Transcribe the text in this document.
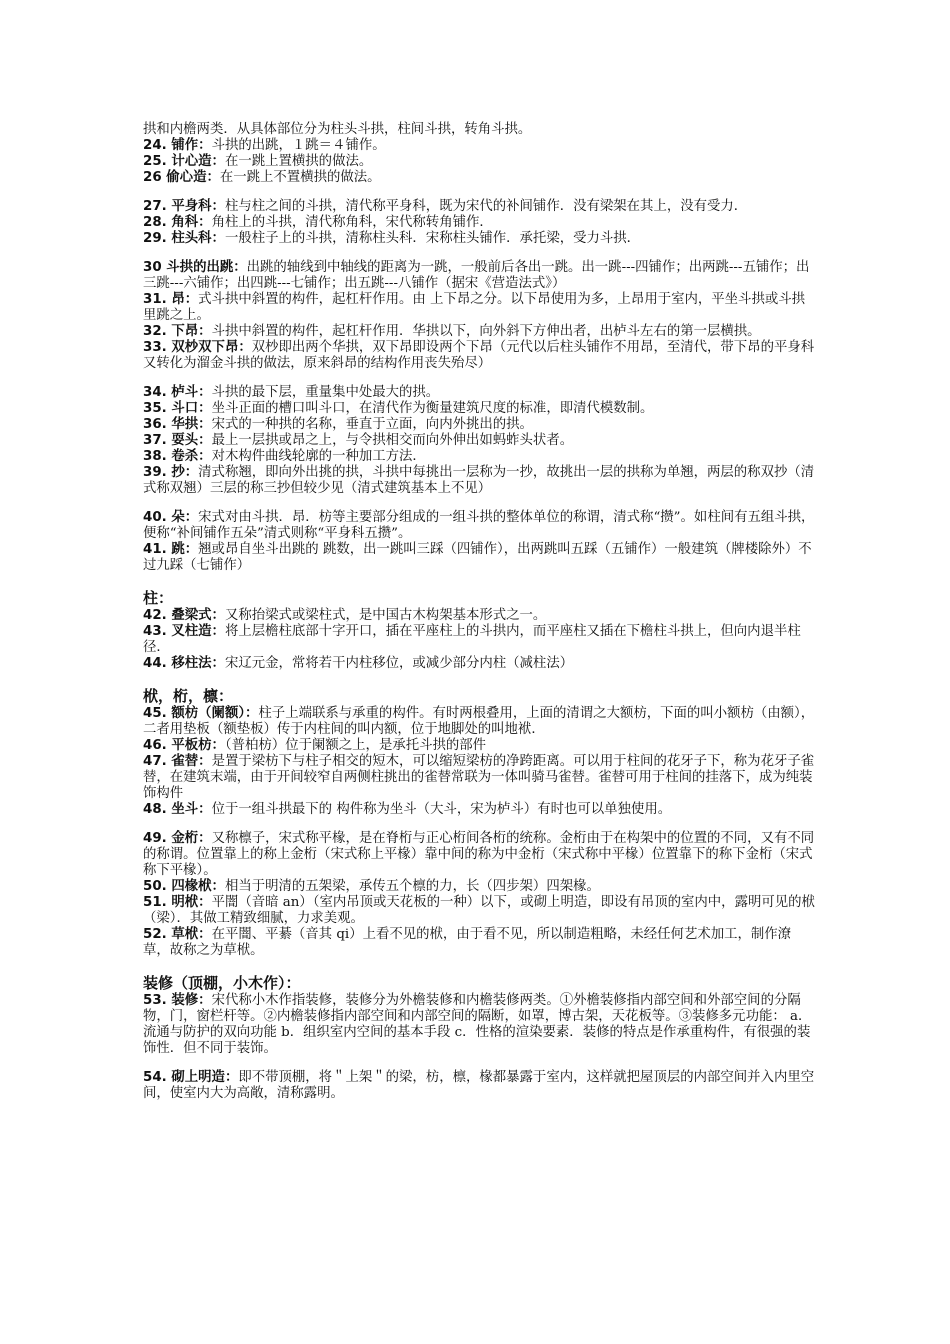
拱和内檐两类．从具体部位分为柱头斗拱，柱间斗拱，转角斗拱。

24. 铺作：斗拱的出跳，１跳＝４铺作。

25. 计心造：在一跳上置横拱的做法。

26 偷心造：在一跳上不置横拱的做法。

27. 平身科：柱与柱之间的斗拱，清代称平身科，既为宋代的补间铺作．没有梁架在其上，没有受力．

28. 角科：角柱上的斗拱，清代称角科，宋代称转角铺作．

29. 柱头科：一般柱子上的斗拱，清称柱头科．宋称柱头铺作．承托梁，受力斗拱．

30 斗拱的出跳：出跳的轴线到中轴线的距离为一跳，一般前后各出一跳。出一跳---四铺作；出两跳---五铺作；出三跳---六铺作；出四跳---七铺作；出五跳---八铺作（据宋《营造法式》）

31. 昂：式斗拱中斜置的构件，起杠杆作用。由 上下昂之分。以下昂使用为多，上昂用于室内，平坐斗拱或斗拱里跳之上。

32. 下昂：斗拱中斜置的构件，起杠杆作用．华拱以下，向外斜下方伸出者，出栌斗左右的第一层横拱。

33. 双杪双下昂：双杪即出两个华拱，双下昂即设两个下昂（元代以后柱头铺作不用昂，至清代，带下昂的平身科又转化为溜金斗拱的做法，原来斜昂的结构作用丧失殆尽）

34. 栌斗：斗拱的最下层，重量集中处最大的拱。

35. 斗口：坐斗正面的槽口叫斗口，在清代作为衡量建筑尺度的标准，即清代模数制。

36. 华拱：宋式的一种拱的名称，垂直于立面，向内外挑出的拱。

37. 耍头：最上一层拱或昂之上，与令拱相交而向外伸出如蚂蚱头状者。

38. 卷杀：对木构件曲线轮廓的一种加工方法．

39. 抄：清式称翘，即向外出挑的拱，斗拱中每挑出一层称为一抄，故挑出一层的拱称为单翘，两层的称双抄（清式称双翘）三层的称三抄但较少见（清式建筑基本上不见）

40. 朵：宋式对由斗拱．昂．枋等主要部分组成的一组斗拱的整体单位的称谓，清式称“攒”。如柱间有五组斗拱，便称“补间铺作五朵”清式则称“平身科五攒”。

41. 跳：翘或昂自坐斗出跳的 跳数，出一跳叫三踩（四铺作），出两跳叫五踩（五铺作）一般建筑（牌楼除外）不过九踩（七铺作）

柱：

42. 叠梁式：又称抬梁式或梁柱式，是中国古木构架基本形式之一。

43. 叉柱造：将上层檐柱底部十字开口，插在平座柱上的斗拱内，而平座柱又插在下檐柱斗拱上，但向内退半柱径．

44. 移柱法：宋辽元金，常将若干内柱移位，或减少部分内柱（减柱法）

栿，桁，檩：

45. 额枋（阑额）：柱子上端联系与承重的构件。有时两根叠用，上面的清谓之大额枋，下面的叫小额枋（由额），二者用垫板（额垫板）传于内柱间的叫内额，位于地脚处的叫地袱．

46. 平板枋：（普柏枋）位于阑额之上，是承托斗拱的部件

47. 雀替：是置于梁枋下与柱子相交的短木，可以缩短梁枋的净跨距离。可以用于柱间的花牙子下，称为花牙子雀替，在建筑末端，由于开间较窄自两侧柱挑出的雀替常联为一体叫骑马雀替。雀替可用于柱间的挂落下，成为纯装饰构件

48. 坐斗：位于一组斗拱最下的 构件称为坐斗（大斗，宋为栌斗）有时也可以单独使用。

49. 金桁：又称檩子，宋式称平椽，是在脊桁与正心桁间各桁的统称。金桁由于在构架中的位置的不同，又有不同的称谓。位置靠上的称上金桁（宋式称上平椽）靠中间的称为中金桁（宋式称中平椽）位置靠下的称下金桁（宋式称下平椽）。

50. 四椽栿：相当于明清的五架梁，承传五个檩的力，长（四步架）四架椽。

51. 明栿：平闇（音暗 an）（室内吊顶或天花板的一种）以下，或砌上明造，即设有吊顶的室内中，露明可见的栿（梁）．其做工精致细腻，力求美观。

52. 草栿：在平闇、平綦（音其 qi）上看不见的栿，由于看不见，所以制造粗略，未经任何艺术加工，制作潦草，故称之为草栿。

装修（顶棚，小木作）：

53. 装修：宋代称小木作指装修，装修分为外檐装修和内檐装修两类。①外檐装修指内部空间和外部空间的分隔物，门，窗栏杆等。②内檐装修指内部空间和内部空间的隔断，如罩，博古架，天花板等。③装修多元功能： a．流通与防护的双向功能 b．组织室内空间的基本手段 c．性格的渲染要素．装修的特点是作承重构件，有很强的装饰性．但不同于装饰。

54. 砌上明造：即不带顶棚，将＂上架＂的梁，枋，檩，椽都暴露于室内，这样就把屋顶层的内部空间并入内里空间，使室内大为高敞，清称露明。
